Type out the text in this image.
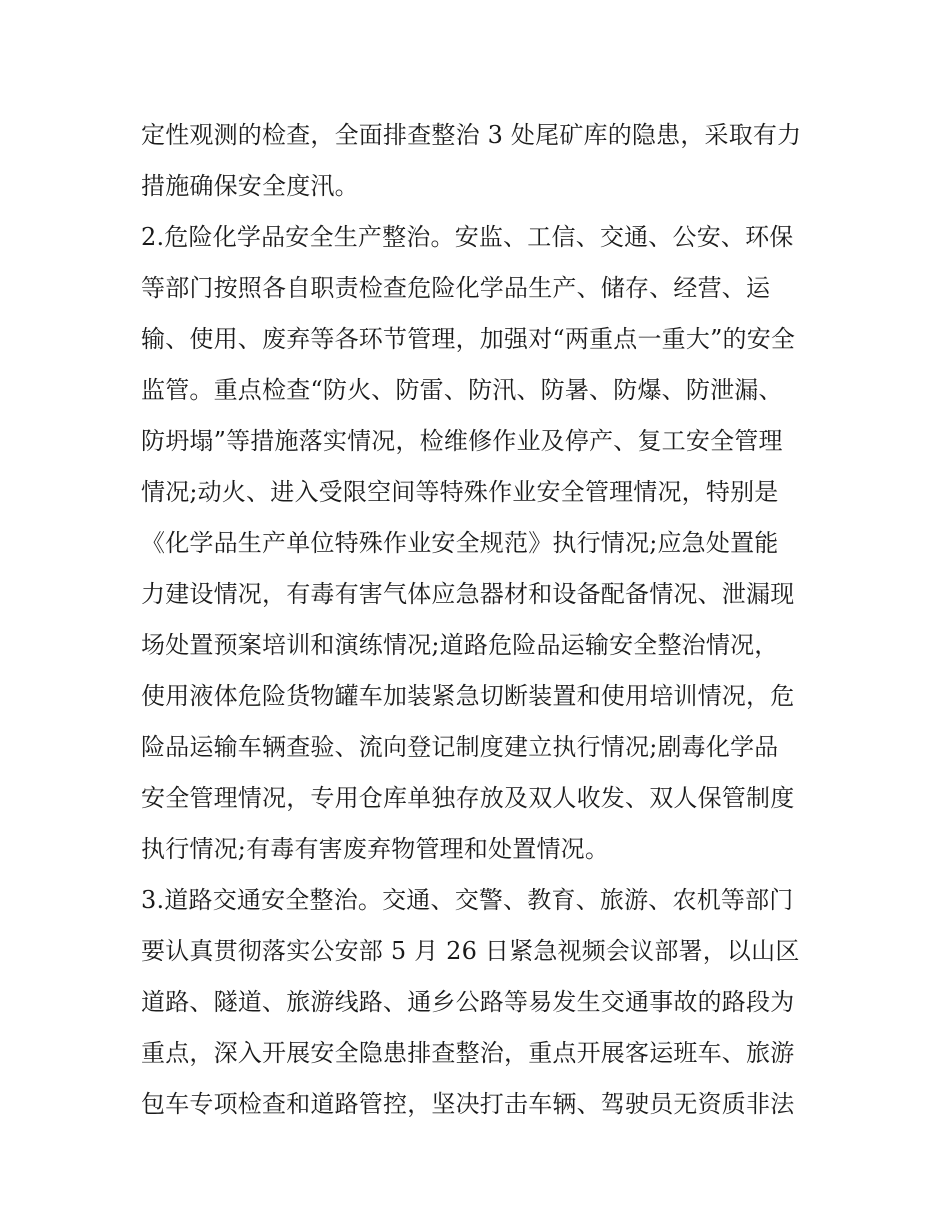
定性观测的检查，全面排查整治 3 处尾矿库的隐患，采取有力
措施确保安全度汛。
2.危险化学品安全生产整治。安监、工信、交通、公安、环保
等部门按照各自职责检查危险化学品生产、储存、经营、运
输、使用、废弃等各环节管理，加强对“两重点一重大”的安全
监管。重点检查“防火、防雷、防汛、防暑、防爆、防泄漏、
防坍塌”等措施落实情况，检维修作业及停产、复工安全管理
情况;动火、进入受限空间等特殊作业安全管理情况，特别是
《化学品生产单位特殊作业安全规范》执行情况;应急处置能
力建设情况，有毒有害气体应急器材和设备配备情况、泄漏现
场处置预案培训和演练情况;道路危险品运输安全整治情况，
使用液体危险货物罐车加装紧急切断装置和使用培训情况，危
险品运输车辆查验、流向登记制度建立执行情况;剧毒化学品
安全管理情况，专用仓库单独存放及双人收发、双人保管制度
执行情况;有毒有害废弃物管理和处置情况。
3.道路交通安全整治。交通、交警、教育、旅游、农机等部门
要认真贯彻落实公安部 5 月 26 日紧急视频会议部署，以山区
道路、隧道、旅游线路、通乡公路等易发生交通事故的路段为
重点，深入开展安全隐患排查整治，重点开展客运班车、旅游
包车专项检查和道路管控，坚决打击车辆、驾驶员无资质非法
